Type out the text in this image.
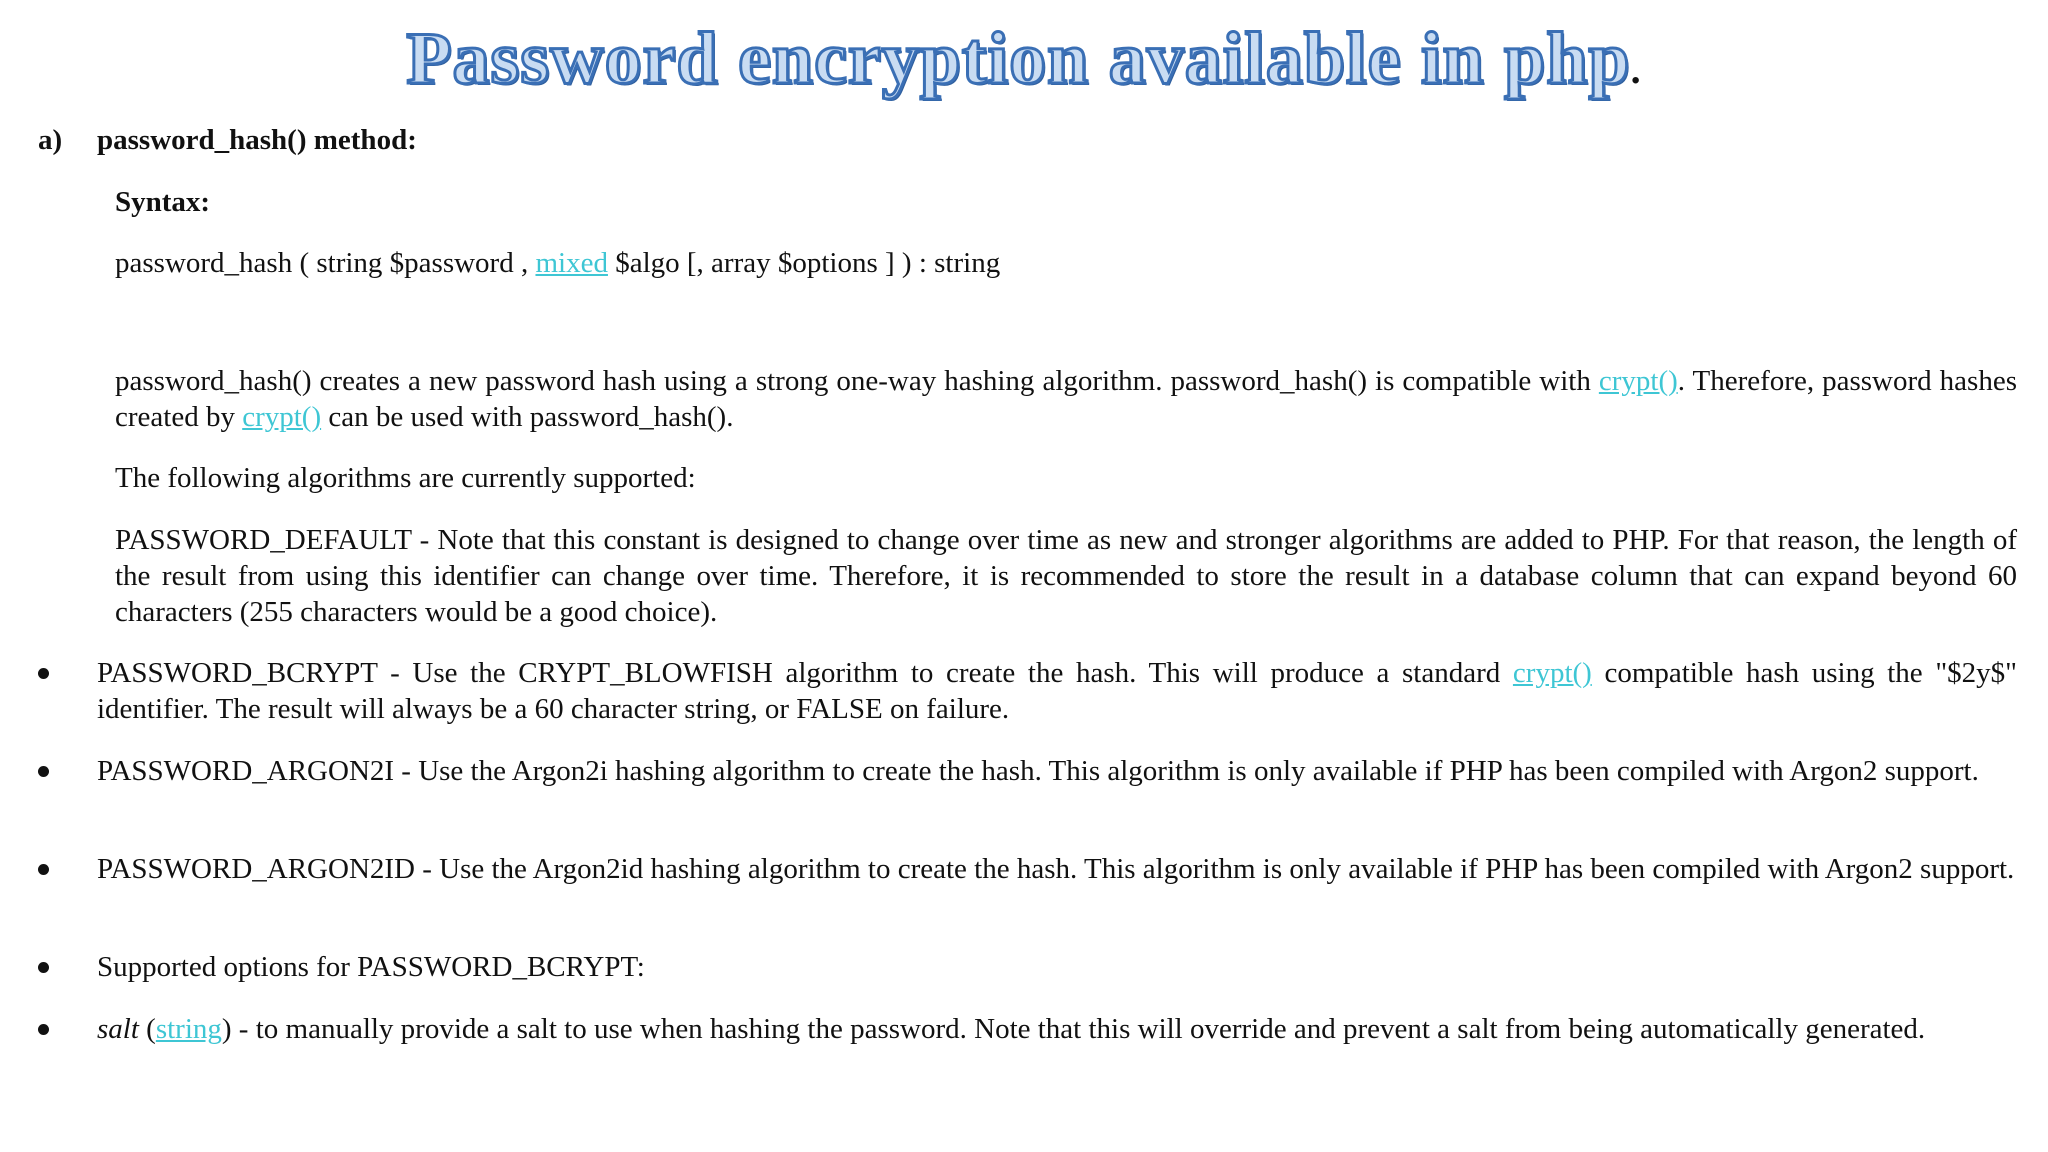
Password encryption available in php.
a) password_hash() method:
Syntax:
password_hash ( string $password , mixed $algo [, array $options ] ) : string
password_hash() creates a new password hash using a strong one-way hashing algorithm. password_hash() is compatible with crypt(). Therefore, password hashes created by crypt() can be used with password_hash().
The following algorithms are currently supported:
PASSWORD_DEFAULT - Note that this constant is designed to change over time as new and stronger algorithms are added to PHP. For that reason, the length of the result from using this identifier can change over time. Therefore, it is recommended to store the result in a database column that can expand beyond 60 characters (255 characters would be a good choice).
PASSWORD_BCRYPT - Use the CRYPT_BLOWFISH algorithm to create the hash. This will produce a standard crypt() compatible hash using the "$2y$" identifier. The result will always be a 60 character string, or FALSE on failure.
PASSWORD_ARGON2I - Use the Argon2i hashing algorithm to create the hash. This algorithm is only available if PHP has been compiled with Argon2 support.
PASSWORD_ARGON2ID - Use the Argon2id hashing algorithm to create the hash. This algorithm is only available if PHP has been compiled with Argon2 support.
Supported options for PASSWORD_BCRYPT:
salt (string) - to manually provide a salt to use when hashing the password. Note that this will override and prevent a salt from being automatically generated.
